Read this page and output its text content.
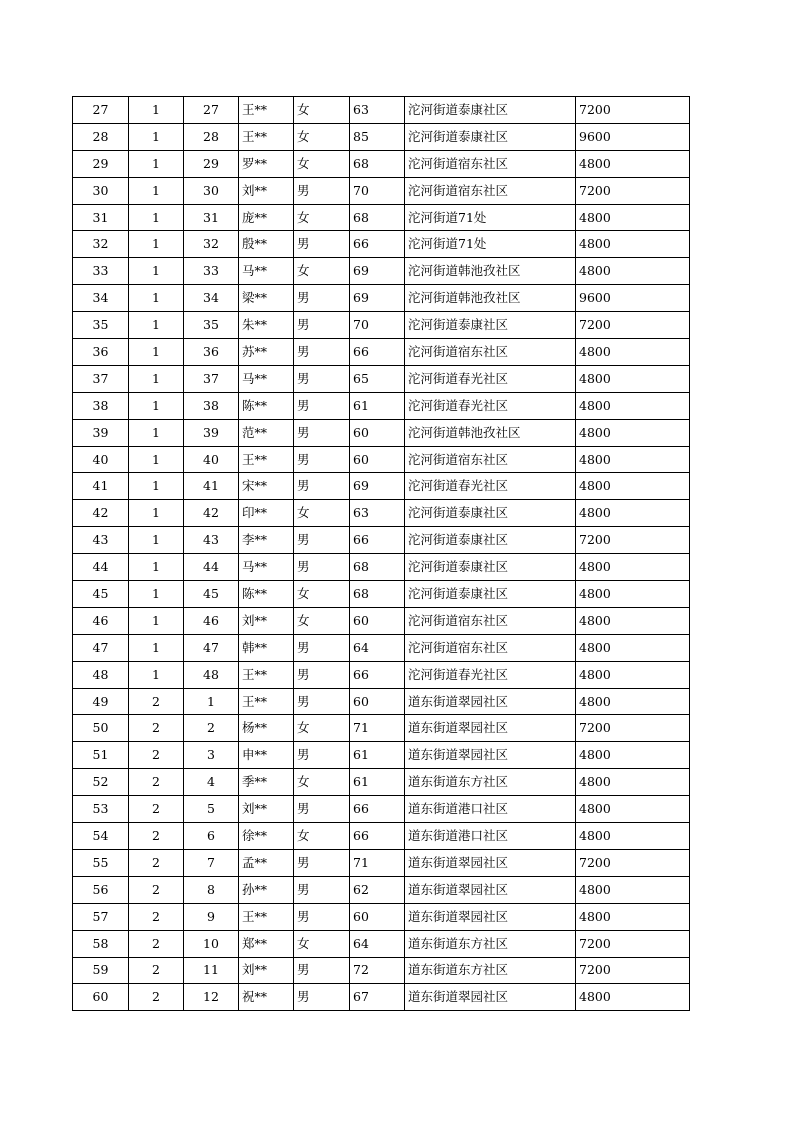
27	1	27	王**	女	63	沱河街道泰康社区	7200
28	1	28	王**	女	85	沱河街道泰康社区	9600
29	1	29	罗**	女	68	沱河街道宿东社区	4800
30	1	30	刘**	男	70	沱河街道宿东社区	7200
31	1	31	庞**	女	68	沱河街道71处	4800
32	1	32	殷**	男	66	沱河街道71处	4800
33	1	33	马**	女	69	沱河街道韩池孜社区	4800
34	1	34	梁**	男	69	沱河街道韩池孜社区	9600
35	1	35	朱**	男	70	沱河街道泰康社区	7200
36	1	36	苏**	男	66	沱河街道宿东社区	4800
37	1	37	马**	男	65	沱河街道春光社区	4800
38	1	38	陈**	男	61	沱河街道春光社区	4800
39	1	39	范**	男	60	沱河街道韩池孜社区	4800
40	1	40	王**	男	60	沱河街道宿东社区	4800
41	1	41	宋**	男	69	沱河街道春光社区	4800
42	1	42	印**	女	63	沱河街道泰康社区	4800
43	1	43	李**	男	66	沱河街道泰康社区	7200
44	1	44	马**	男	68	沱河街道泰康社区	4800
45	1	45	陈**	女	68	沱河街道泰康社区	4800
46	1	46	刘**	女	60	沱河街道宿东社区	4800
47	1	47	韩**	男	64	沱河街道宿东社区	4800
48	1	48	王**	男	66	沱河街道春光社区	4800
49	2	1	王**	男	60	道东街道翠园社区	4800
50	2	2	杨**	女	71	道东街道翠园社区	7200
51	2	3	申**	男	61	道东街道翠园社区	4800
52	2	4	季**	女	61	道东街道东方社区	4800
53	2	5	刘**	男	66	道东街道港口社区	4800
54	2	6	徐**	女	66	道东街道港口社区	4800
55	2	7	孟**	男	71	道东街道翠园社区	7200
56	2	8	孙**	男	62	道东街道翠园社区	4800
57	2	9	王**	男	60	道东街道翠园社区	4800
58	2	10	郑**	女	64	道东街道东方社区	7200
59	2	11	刘**	男	72	道东街道东方社区	7200
60	2	12	祝**	男	67	道东街道翠园社区	4800
